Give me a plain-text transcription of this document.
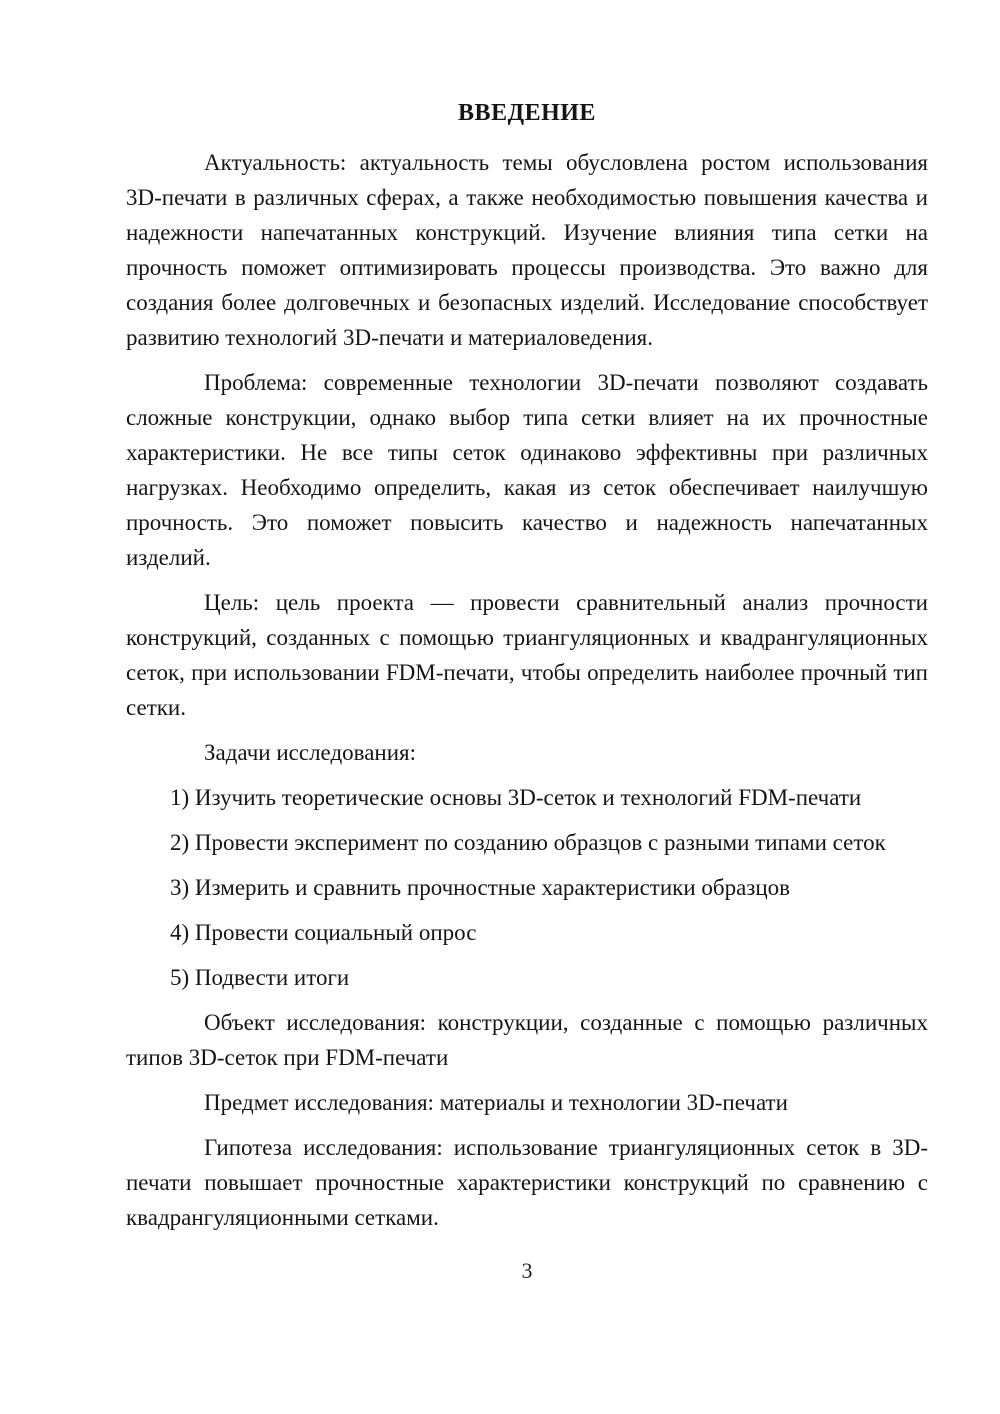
ВВЕДЕНИЕ

Актуальность: актуальность темы обусловлена ростом использования 3D-печати в различных сферах, а также необходимостью повышения качества и надежности напечатанных конструкций. Изучение влияния типа сетки на прочность поможет оптимизировать процессы производства. Это важно для создания более долговечных и безопасных изделий. Исследование способствует развитию технологий 3D-печати и материаловедения.

Проблема: современные технологии 3D-печати позволяют создавать сложные конструкции, однако выбор типа сетки влияет на их прочностные характеристики. Не все типы сеток одинаково эффективны при различных нагрузках. Необходимо определить, какая из сеток обеспечивает наилучшую прочность. Это поможет повысить качество и надежность напечатанных изделий.

Цель: цель проекта — провести сравнительный анализ прочности конструкций, созданных с помощью триангуляционных и квадрангуляционных сеток, при использовании FDM-печати, чтобы определить наиболее прочный тип сетки.

Задачи исследования:

1) Изучить теоретические основы 3D-сеток и технологий FDM-печати

2) Провести эксперимент по созданию образцов с разными типами сеток

3) Измерить и сравнить прочностные характеристики образцов

4) Провести социальный опрос

5) Подвести итоги

Объект исследования: конструкции, созданные с помощью различных типов 3D-сеток при FDM-печати

Предмет исследования: материалы и технологии 3D-печати

Гипотеза исследования: использование триангуляционных сеток в 3D-печати повышает прочностные характеристики конструкций по сравнению с квадрангуляционными сетками.

3
